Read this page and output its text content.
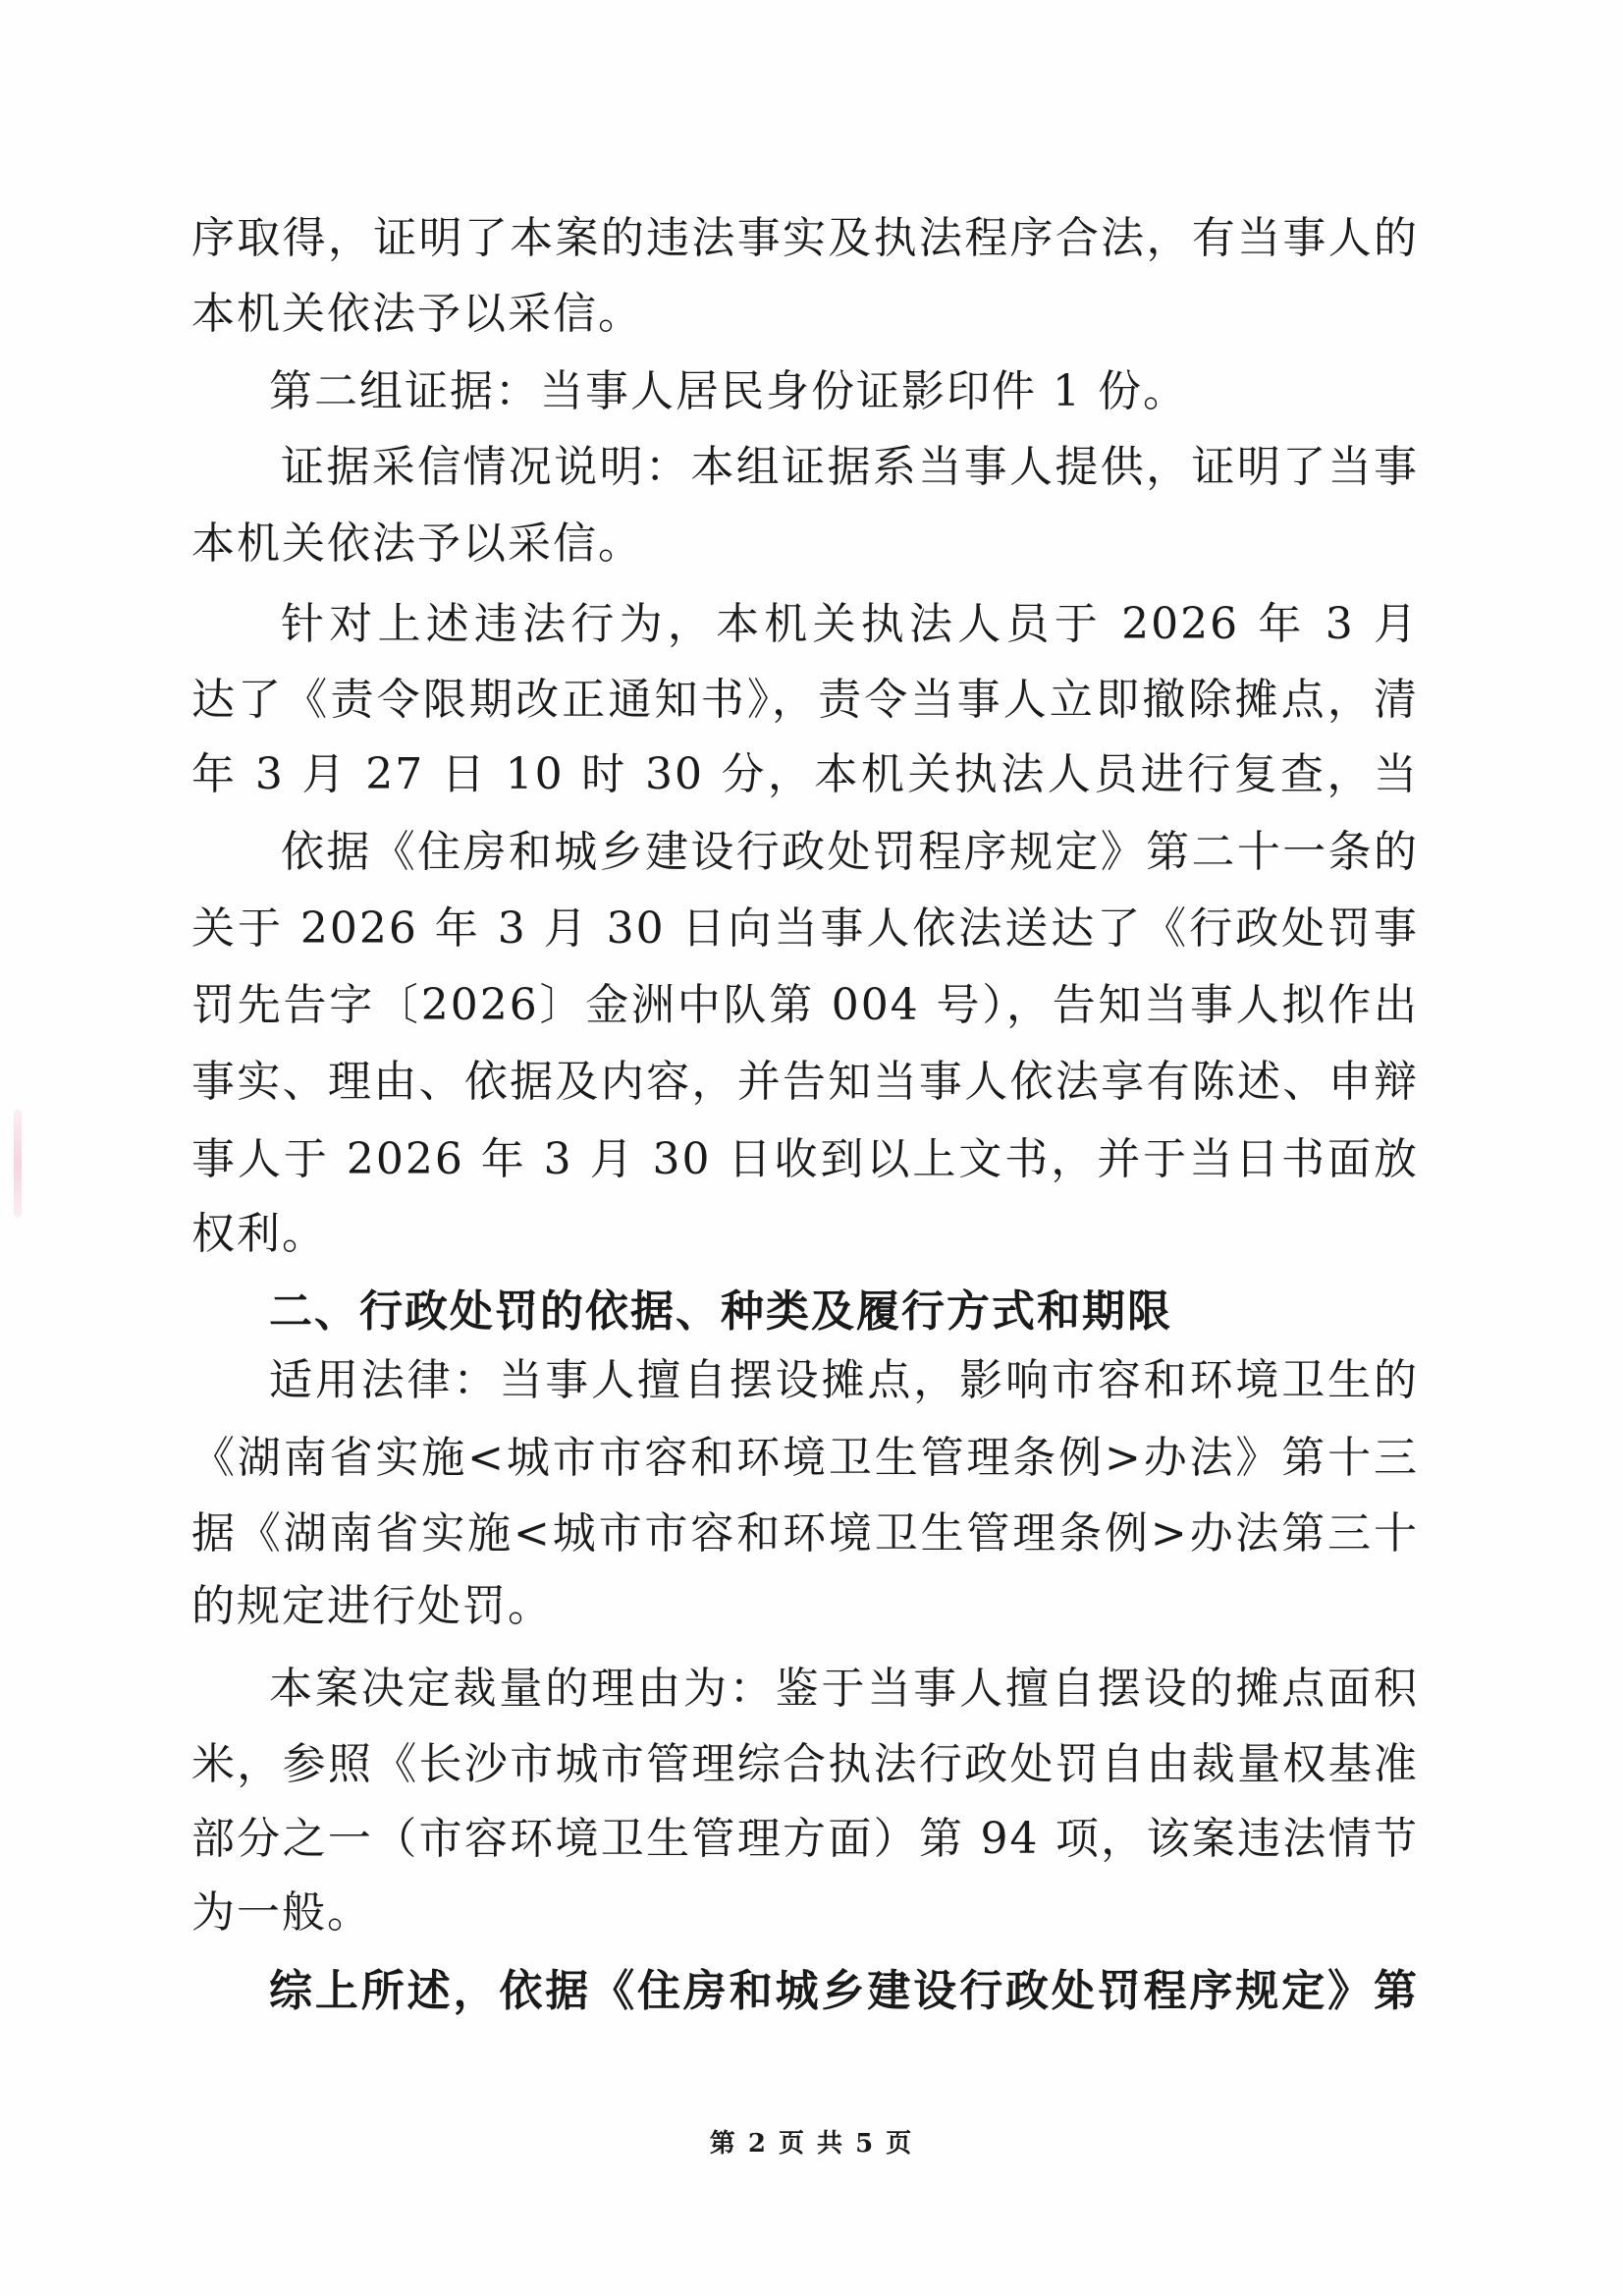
序取得，证明了本案的违法事实及执法程序合法，有当事人的
本机关依法予以采信。
第二组证据：当事人居民身份证影印件 1 份。
证据采信情况说明：本组证据系当事人提供，证明了当事
本机关依法予以采信。
针对上述违法行为，本机关执法人员于 2026 年 3 月
达了《责令限期改正通知书》，责令当事人立即撤除摊点，清
年 3 月 27 日 10 时 30 分，本机关执法人员进行复查，当
依据《住房和城乡建设行政处罚程序规定》第二十一条的
关于 2026 年 3 月 30 日向当事人依法送达了《行政处罚事
罚先告字〔2026〕金洲中队第 004 号），告知当事人拟作出
事实、理由、依据及内容，并告知当事人依法享有陈述、申辩
事人于 2026 年 3 月 30 日收到以上文书，并于当日书面放
权利。
二、行政处罚的依据、种类及履行方式和期限
适用法律：当事人擅自摆设摊点，影响市容和环境卫生的
《湖南省实施<城市市容和环境卫生管理条例>办法》第十三
据《湖南省实施<城市市容和环境卫生管理条例>办法第三十
的规定进行处罚。
本案决定裁量的理由为：鉴于当事人擅自摆设的摊点面积
米，参照《长沙市城市管理综合执法行政处罚自由裁量权基准
部分之一（市容环境卫生管理方面）第 94 项，该案违法情节
为一般。
综上所述，依据《住房和城乡建设行政处罚程序规定》第
第 2 页 共 5 页
